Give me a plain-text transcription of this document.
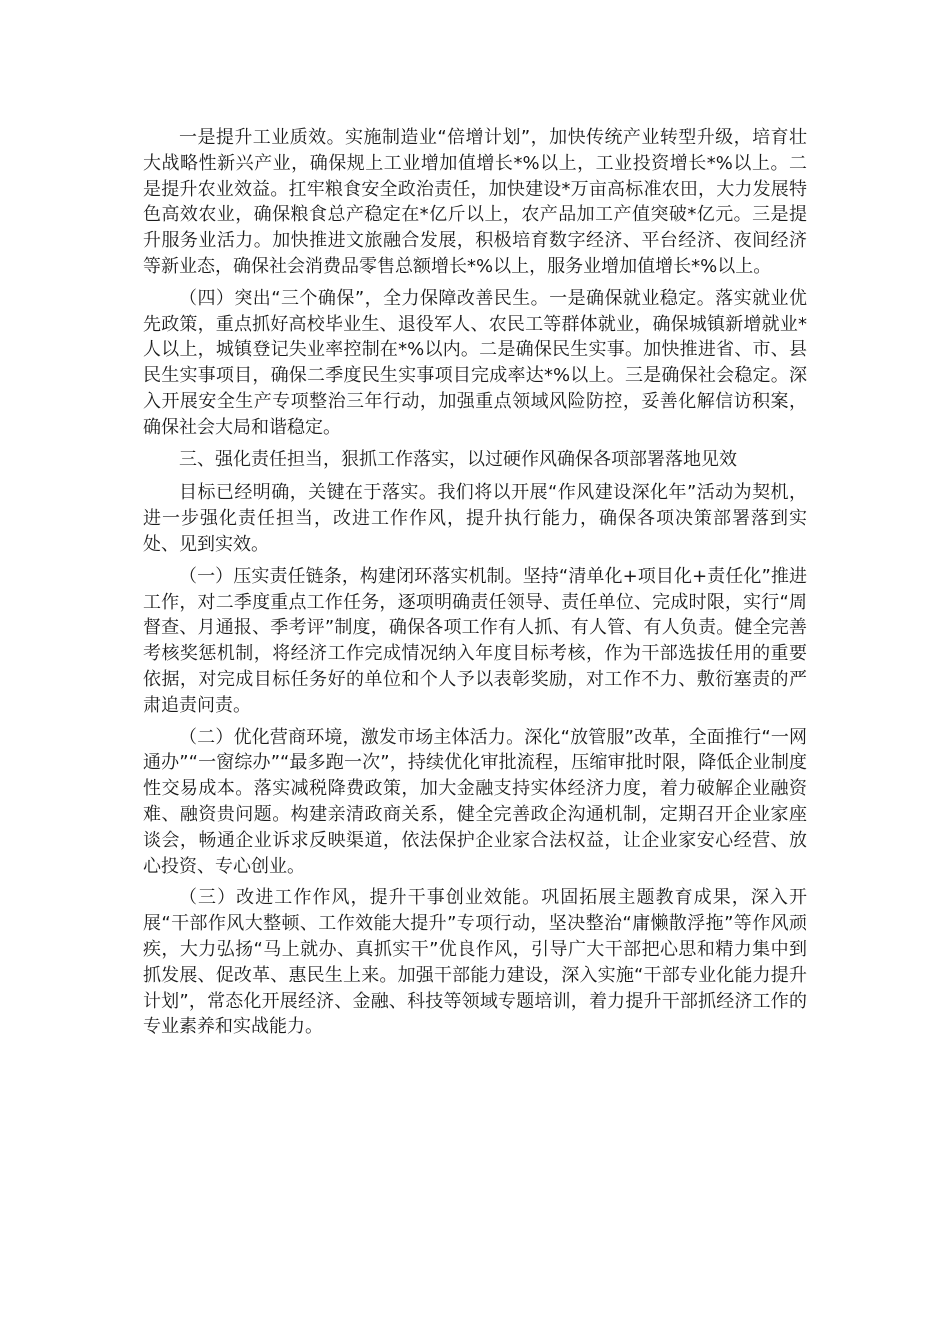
一是提升工业质效。实施制造业“倍增计划”，加快传统产业转型升级，培育壮大战略性新兴产业，确保规上工业增加值增长*%以上，工业投资增长*%以上。二是提升农业效益。扛牢粮食安全政治责任，加快建设*万亩高标准农田，大力发展特色高效农业，确保粮食总产稳定在*亿斤以上，农产品加工产值突破*亿元。三是提升服务业活力。加快推进文旅融合发展，积极培育数字经济、平台经济、夜间经济等新业态，确保社会消费品零售总额增长*%以上，服务业增加值增长*%以上。

（四）突出“三个确保”，全力保障改善民生。一是确保就业稳定。落实就业优先政策，重点抓好高校毕业生、退役军人、农民工等群体就业，确保城镇新增就业*人以上，城镇登记失业率控制在*%以内。二是确保民生实事。加快推进省、市、县民生实事项目，确保二季度民生实事项目完成率达*%以上。三是确保社会稳定。深入开展安全生产专项整治三年行动，加强重点领域风险防控，妥善化解信访积案，确保社会大局和谐稳定。

三、强化责任担当，狠抓工作落实，以过硬作风确保各项部署落地见效

目标已经明确，关键在于落实。我们将以开展“作风建设深化年”活动为契机，进一步强化责任担当，改进工作作风，提升执行能力，确保各项决策部署落到实处、见到实效。

（一）压实责任链条，构建闭环落实机制。坚持“清单化+项目化+责任化”推进工作，对二季度重点工作任务，逐项明确责任领导、责任单位、完成时限，实行“周督查、月通报、季考评”制度，确保各项工作有人抓、有人管、有人负责。健全完善考核奖惩机制，将经济工作完成情况纳入年度目标考核，作为干部选拔任用的重要依据，对完成目标任务好的单位和个人予以表彰奖励，对工作不力、敷衍塞责的严肃追责问责。

（二）优化营商环境，激发市场主体活力。深化“放管服”改革，全面推行“一网通办”“一窗综办”“最多跑一次”，持续优化审批流程，压缩审批时限，降低企业制度性交易成本。落实减税降费政策，加大金融支持实体经济力度，着力破解企业融资难、融资贵问题。构建亲清政商关系，健全完善政企沟通机制，定期召开企业家座谈会，畅通企业诉求反映渠道，依法保护企业家合法权益，让企业家安心经营、放心投资、专心创业。

（三）改进工作作风，提升干事创业效能。巩固拓展主题教育成果，深入开展“干部作风大整顿、工作效能大提升”专项行动，坚决整治“庸懒散浮拖”等作风顽疾，大力弘扬“马上就办、真抓实干”优良作风，引导广大干部把心思和精力集中到抓发展、促改革、惠民生上来。加强干部能力建设，深入实施“干部专业化能力提升计划”，常态化开展经济、金融、科技等领域专题培训，着力提升干部抓经济工作的专业素养和实战能力。
